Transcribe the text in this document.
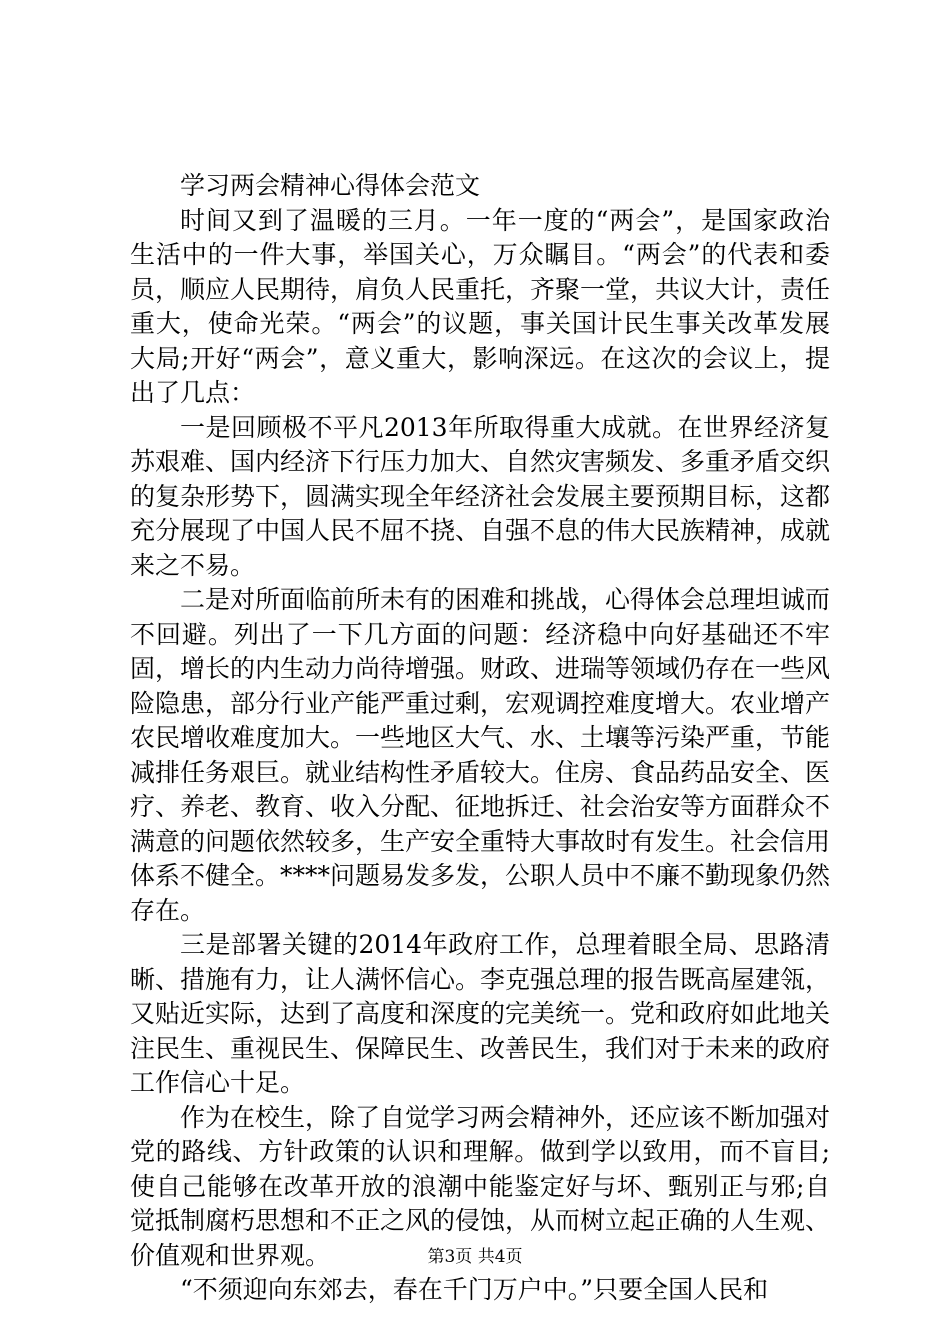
学习两会精神心得体会范文

时间又到了温暖的三月。一年一度的“两会”，是国家政治生活中的一件大事，举国关心，万众瞩目。“两会”的代表和委员，顺应人民期待，肩负人民重托，齐聚一堂，共议大计，责任重大，使命光荣。“两会”的议题，事关国计民生事关改革发展大局;开好“两会”，意义重大，影响深远。在这次的会议上，提出了几点：

一是回顾极不平凡2013年所取得重大成就。在世界经济复苏艰难、国内经济下行压力加大、自然灾害频发、多重矛盾交织的复杂形势下，圆满实现全年经济社会发展主要预期目标，这都充分展现了中国人民不屈不挠、自强不息的伟大民族精神，成就来之不易。

二是对所面临前所未有的困难和挑战，心得体会总理坦诚而不回避。列出了一下几方面的问题：经济稳中向好基础还不牢固，增长的内生动力尚待增强。财政、进瑞等领域仍存在一些风险隐患，部分行业产能严重过剩，宏观调控难度增大。农业增产农民增收难度加大。一些地区大气、水、土壤等污染严重，节能减排任务艰巨。就业结构性矛盾较大。住房、食品药品安全、医疗、养老、教育、收入分配、征地拆迁、社会治安等方面群众不满意的问题依然较多，生产安全重特大事故时有发生。社会信用体系不健全。****问题易发多发，公职人员中不廉不勤现象仍然存在。

三是部署关键的2014年政府工作，总理着眼全局、思路清晰、措施有力，让人满怀信心。李克强总理的报告既高屋建瓴，又贴近实际，达到了高度和深度的完美统一。党和政府如此地关注民生、重视民生、保障民生、改善民生，我们对于未来的政府工作信心十足。

作为在校生，除了自觉学习两会精神外，还应该不断加强对党的路线、方针政策的认识和理解。做到学以致用，而不盲目;使自己能够在改革开放的浪潮中能鉴定好与坏、甄别正与邪;自觉抵制腐朽思想和不正之风的侵蚀，从而树立起正确的人生观、价值观和世界观。

“不须迎向东郊去，春在千门万户中。”只要全国人民和

第3页 共4页
